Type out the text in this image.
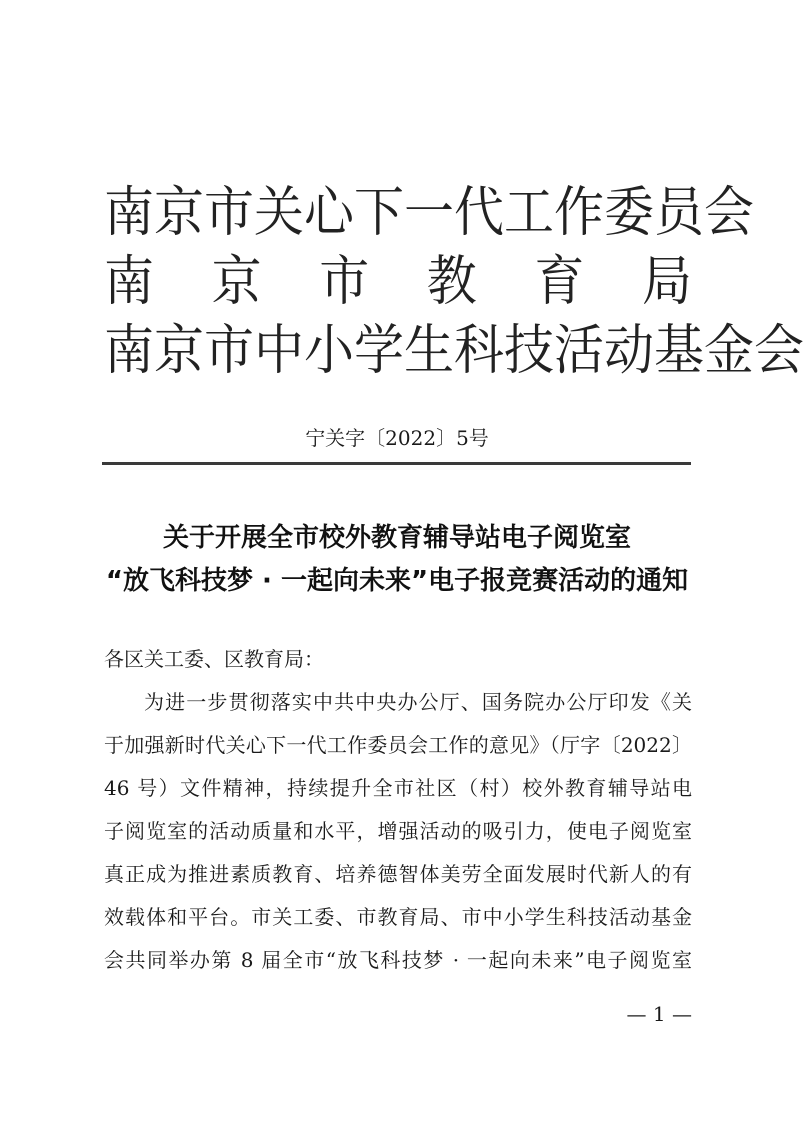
南 京 市 关 心 下 一 代 工 作 委 员 会
南 京 市 教 育 局
南 京 市 中 小 学 生 科 技 活 动 基 金 会
宁关字〔2022〕5号
关于开展全市校外教育辅导站电子阅览室
“放飞科技梦 · 一起向未来”电子报竞赛活动的通知
各区关工委、区教育局：
为进一步贯彻落实中共中央办公厅、国务院办公厅印发《关
于加强新时代关心下一代工作委员会工作的意见》（厅字〔2022〕
46 号）文件精神，持续提升全市社区（村）校外教育辅导站电
子阅览室的活动质量和水平，增强活动的吸引力，使电子阅览室
真正成为推进素质教育、培养德智体美劳全面发展时代新人的有
效载体和平台。市关工委、市教育局、市中小学生科技活动基金
会共同举办第 8 届全市“放飞科技梦 · 一起向未来”电子阅览室
— 1 —
